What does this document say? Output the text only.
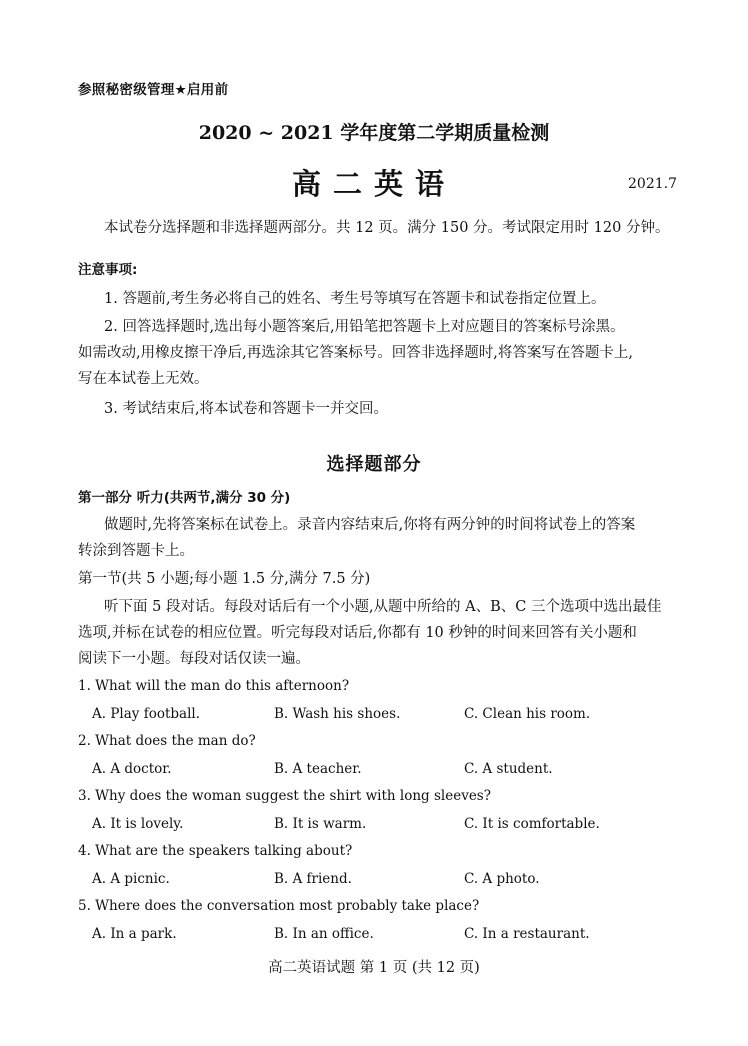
参照秘密级管理★启用前
2020 ~ 2021 学年度第二学期质量检测
高二英语	2021.7
本试卷分选择题和非选择题两部分。共 12 页。满分 150 分。考试限定用时 120 分钟。
注意事项:
1. 答题前,考生务必将自己的姓名、考生号等填写在答题卡和试卷指定位置上。
2. 回答选择题时,选出每小题答案后,用铅笔把答题卡上对应题目的答案标号涂黑。
如需改动,用橡皮擦干净后,再选涂其它答案标号。回答非选择题时,将答案写在答题卡上,
写在本试卷上无效。
3. 考试结束后,将本试卷和答题卡一并交回。
选择题部分
第一部分 听力(共两节,满分 30 分)
做题时,先将答案标在试卷上。录音内容结束后,你将有两分钟的时间将试卷上的答案
转涂到答题卡上。
第一节(共 5 小题;每小题 1.5 分,满分 7.5 分)
听下面 5 段对话。每段对话后有一个小题,从题中所给的 A、B、C 三个选项中选出最佳
选项,并标在试卷的相应位置。听完每段对话后,你都有 10 秒钟的时间来回答有关小题和
阅读下一小题。每段对话仅读一遍。
1. What will the man do this afternoon?
A. Play football.	B. Wash his shoes.	C. Clean his room.
2. What does the man do?
A. A doctor.	B. A teacher.	C. A student.
3. Why does the woman suggest the shirt with long sleeves?
A. It is lovely.	B. It is warm.	C. It is comfortable.
4. What are the speakers talking about?
A. A picnic.	B. A friend.	C. A photo.
5. Where does the conversation most probably take place?
A. In a park.	B. In an office.	C. In a restaurant.
高二英语试题 第 1 页 (共 12 页)
